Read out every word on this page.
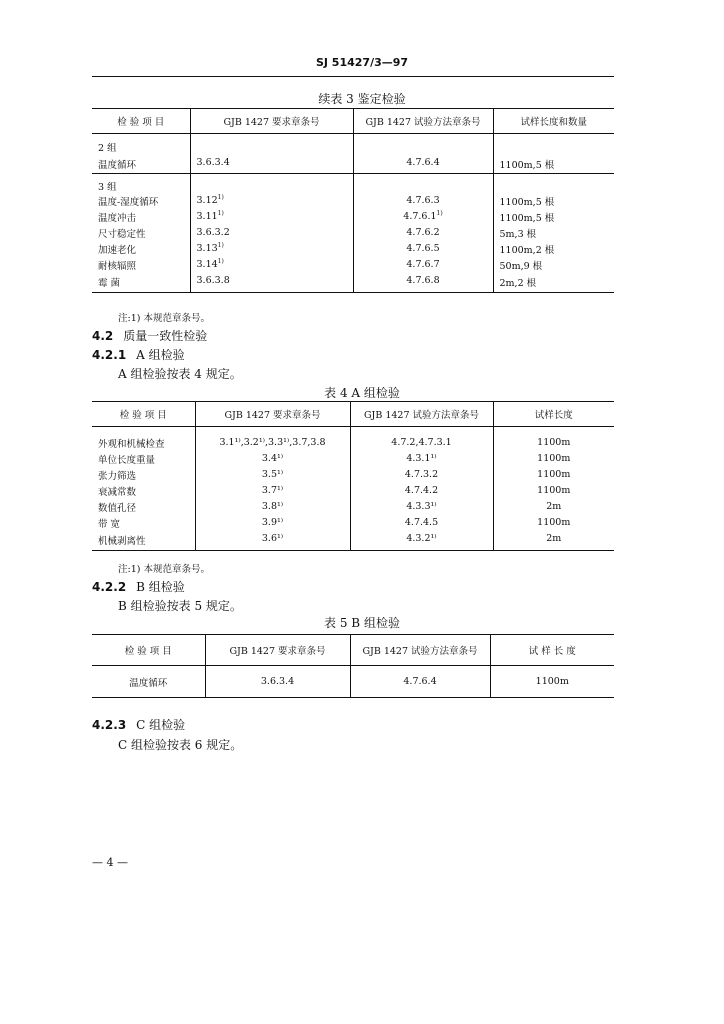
SJ 51427/3—97
续表 3 鉴定检验
检 验 项 目	GJB 1427 要求章条号	GJB 1427 试验方法章条号	试样长度和数量
2 组			
温度循环	3.6.3.4	4.7.6.4	1100m,5 根
3 组			
温度-湿度循环	3.12$^{1)}$	4.7.6.3	1100m,5 根
温度冲击	3.11$^{1)}$	4.7.6.1$^{1)}$	1100m,5 根
尺寸稳定性	3.6.3.2	4.7.6.2	5m,3 根
加速老化	3.13$^{1)}$	4.7.6.5	1100m,2 根
耐核辐照	3.14$^{1)}$	4.7.6.7	50m,9 根
霉 菌	3.6.3.8	4.7.6.8	2m,2 根
注:1) 本规范章条号。
4.2 质量一致性检验
4.2.1 A 组检验
A 组检验按表 4 规定。
表 4 A 组检验
检 验 项 目	GJB 1427 要求章条号	GJB 1427 试验方法章条号	试样长度

外观和机械检查	3.1¹⁾,3.2¹⁾,3.3¹⁾,3.7,3.8	4.7.2,4.7.3.1	1100m
单位长度重量	3.4¹⁾	4.3.1¹⁾	1100m
张力筛选	3.5¹⁾	4.7.3.2	1100m
衰减常数	3.7¹⁾	4.7.4.2	1100m
数值孔径	3.8¹⁾	4.3.3¹⁾	2m
带 宽	3.9¹⁾	4.7.4.5	1100m
机械剥离性	3.6¹⁾	4.3.2¹⁾	2m
注:1) 本规范章条号。
4.2.2 B 组检验
B 组检验按表 5 规定。
表 5 B 组检验
检 验 项 目	GJB 1427 要求章条号	GJB 1427 试验方法章条号	试 样 长 度
温度循环	3.6.3.4	4.7.6.4	1100m
4.2.3 C 组检验
C 组检验按表 6 规定。
— 4 —
